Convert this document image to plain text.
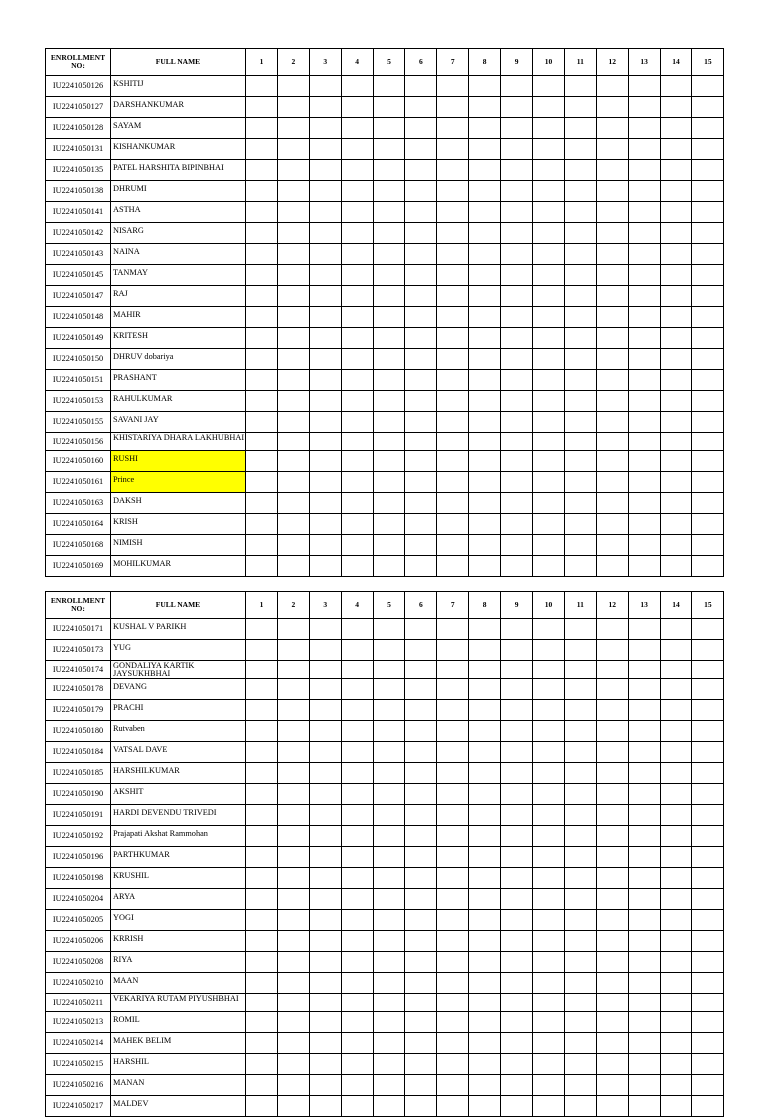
ENROLLMENT NO:	FULL NAME	1	2	3	4	5	6	7	8	9	10	11	12	13	14	15
IU2241050126	KSHITIJ															
IU2241050127	DARSHANKUMAR															
IU2241050128	SAYAM															
IU2241050131	KISHANKUMAR															
IU2241050135	PATEL HARSHITA BIPINBHAI															
IU2241050138	DHRUMI															
IU2241050141	ASTHA															
IU2241050142	NISARG															
IU2241050143	NAINA															
IU2241050145	TANMAY															
IU2241050147	RAJ															
IU2241050148	MAHIR															
IU2241050149	KRITESH															
IU2241050150	DHRUV dobariya															
IU2241050151	PRASHANT															
IU2241050153	RAHULKUMAR															
IU2241050155	SAVANI JAY															
IU2241050156	KHISTARIYA DHARA LAKHUBHAI															
IU2241050160	RUSHI															
IU2241050161	Prince															
IU2241050163	DAKSH															
IU2241050164	KRISH															
IU2241050168	NIMISH															
IU2241050169	MOHILKUMAR															
ENROLLMENT NO:	FULL NAME	1	2	3	4	5	6	7	8	9	10	11	12	13	14	15
IU2241050171	KUSHAL V PARIKH															
IU2241050173	YUG															
IU2241050174	GONDALIYA KARTIK JAYSUKHBHAI															
IU2241050178	DEVANG															
IU2241050179	PRACHI															
IU2241050180	Rutvaben															
IU2241050184	VATSAL DAVE															
IU2241050185	HARSHILKUMAR															
IU2241050190	AKSHIT															
IU2241050191	HARDI DEVENDU TRIVEDI															
IU2241050192	Prajapati Akshat Rammohan															
IU2241050196	PARTHKUMAR															
IU2241050198	KRUSHIL															
IU2241050204	ARYA															
IU2241050205	YOGI															
IU2241050206	KRRISH															
IU2241050208	RIYA															
IU2241050210	MAAN															
IU2241050211	VEKARIYA RUTAM PIYUSHBHAI															
IU2241050213	ROMIL															
IU2241050214	MAHEK BELIM															
IU2241050215	HARSHIL															
IU2241050216	MANAN															
IU2241050217	MALDEV															
